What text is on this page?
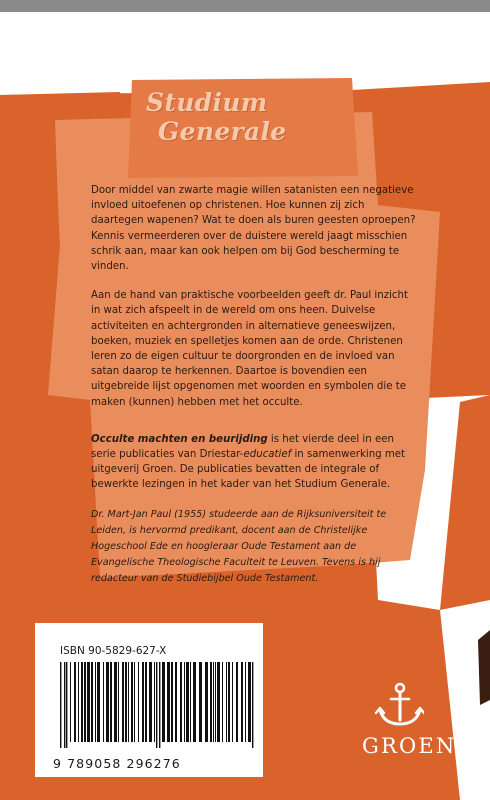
Studium
Generale

Door middel van zwarte magie willen satanisten een negatieve invloed uitoefenen op christenen. Hoe kunnen zij zich daartegen wapenen? Wat te doen als buren geesten oproepen? Kennis vermeerderen over de duistere wereld jaagt misschien schrik aan, maar kan ook helpen om bij God bescherming te vinden.

Aan de hand van praktische voorbeelden geeft dr. Paul inzicht in wat zich afspeelt in de wereld om ons heen. Duivelse activiteiten en achtergronden in alternatieve geneeswijzen, boeken, muziek en spelletjes komen aan de orde. Christenen leren zo de eigen cultuur te doorgronden en de invloed van satan daarop te herkennen. Daartoe is bovendien een uitgebreide lijst opgenomen met woorden en symbolen die te maken (kunnen) hebben met het occulte.

Occulte machten en beurijding is het vierde deel in een serie publicaties van Driestar-educatief in samenwerking met uitgeverij Groen. De publicaties bevatten de integrale of bewerkte lezingen in het kader van het Studium Generale.

Dr. Mart-Jan Paul (1955) studeerde aan de Rijksuniversiteit te Leiden, is hervormd predikant, docent aan de Christelijke Hogeschool Ede en hoogleraar Oude Testament aan de Evangelische Theologische Faculteit te Leuven. Tevens is hij redacteur van de Studiebijbel Oude Testament.

ISBN 90-5829-627-X
9 789058 296276

GROEN
